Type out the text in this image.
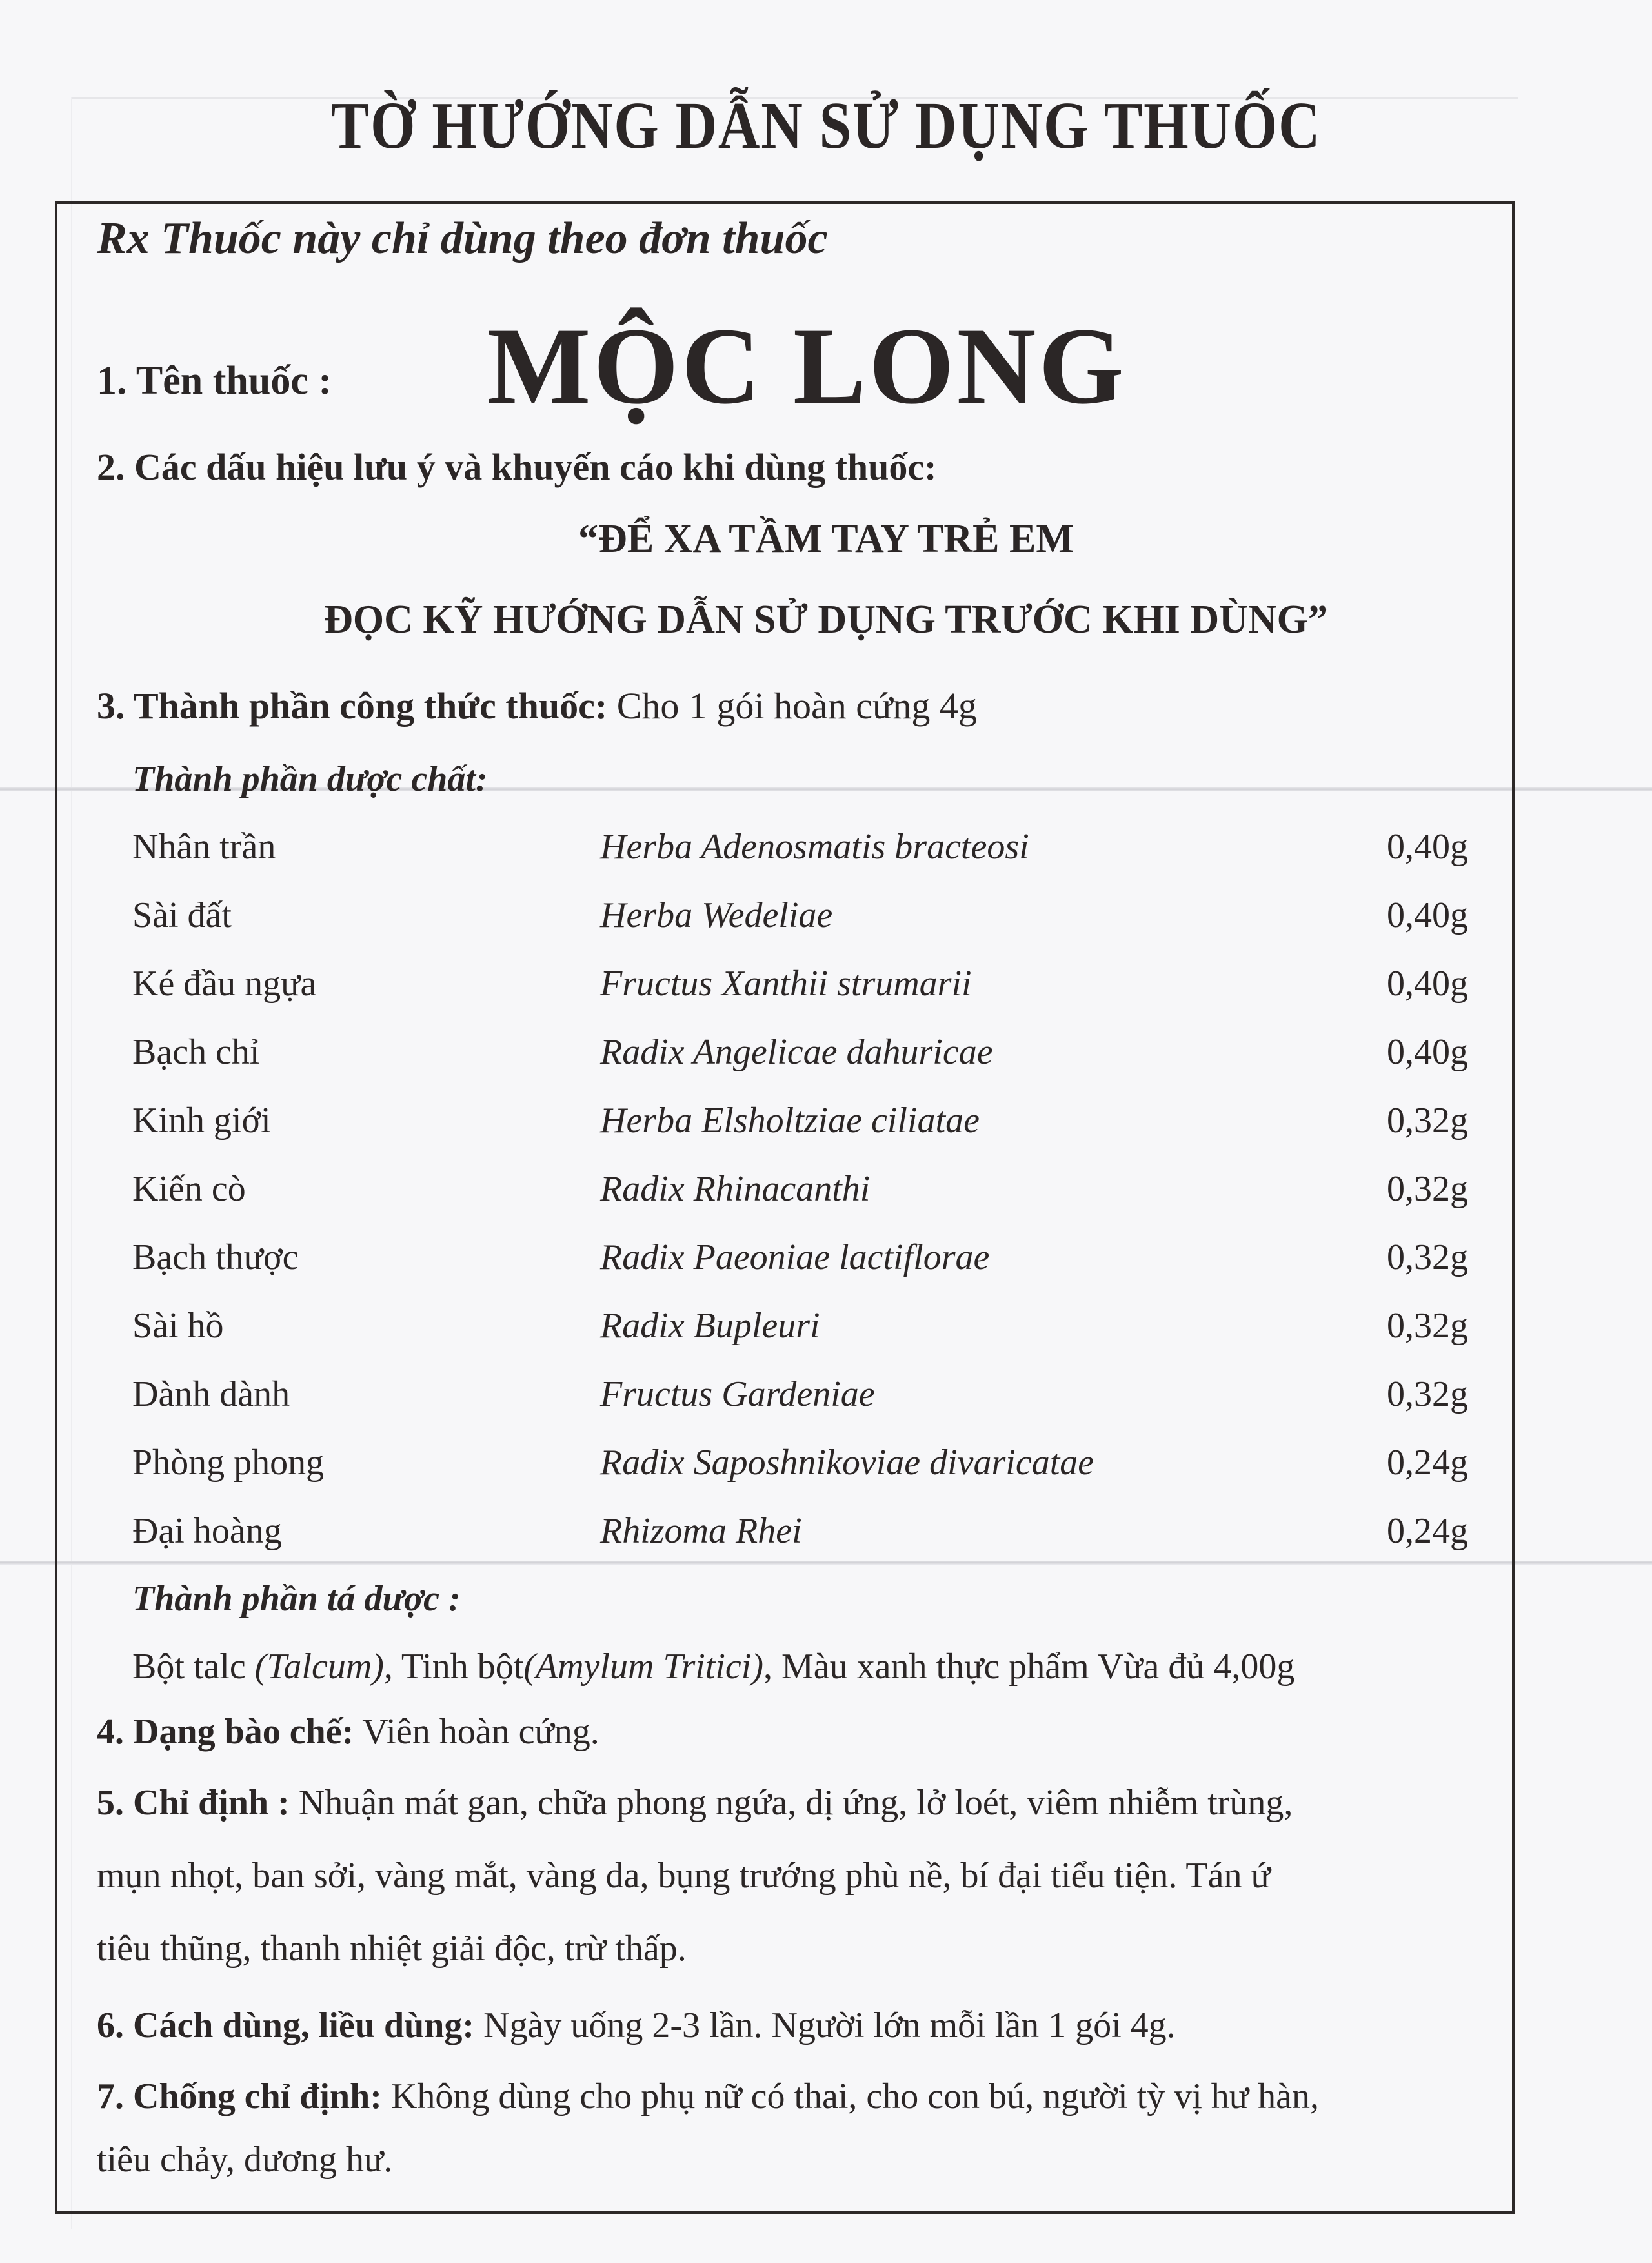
TỜ HƯỚNG DẪN SỬ DỤNG THUỐC
Rx Thuốc này chỉ dùng theo đơn thuốc
1. Tên thuốc : MỘC LONG
2. Các dấu hiệu lưu ý và khuyến cáo khi dùng thuốc:
“ĐỂ XA TẦM TAY TRẺ EM
ĐỌC KỸ HƯỚNG DẪN SỬ DỤNG TRƯỚC KHI DÙNG”
3. Thành phần công thức thuốc: Cho 1 gói hoàn cứng 4g
Thành phần dược chất:
Nhân trần	Herba Adenosmatis bracteosi	0,40g
Sài đất	Herba Wedeliae	0,40g
Ké đầu ngựa	Fructus Xanthii strumarii	0,40g
Bạch chỉ	Radix Angelicae dahuricae	0,40g
Kinh giới	Herba Elsholtziae ciliatae	0,32g
Kiến cò	Radix Rhinacanthi	0,32g
Bạch thược	Radix Paeoniae lactiflorae	0,32g
Sài hồ	Radix Bupleuri	0,32g
Dành dành	Fructus Gardeniae	0,32g
Phòng phong	Radix Saposhnikoviae divaricatae	0,24g
Đại hoàng	Rhizoma Rhei	0,24g
Thành phần tá dược :
Bột talc (Talcum), Tinh bột(Amylum Tritici), Màu xanh thực phẩm Vừa đủ 4,00g
4. Dạng bào chế: Viên hoàn cứng.
5. Chỉ định : Nhuận mát gan, chữa phong ngứa, dị ứng, lở loét, viêm nhiễm trùng,
mụn nhọt, ban sởi, vàng mắt, vàng da, bụng trướng phù nề, bí đại tiểu tiện. Tán ứ
tiêu thũng, thanh nhiệt giải độc, trừ thấp.
6. Cách dùng, liều dùng: Ngày uống 2-3 lần. Người lớn mỗi lần 1 gói 4g.
7. Chống chỉ định: Không dùng cho phụ nữ có thai, cho con bú, người tỳ vị hư hàn,
tiêu chảy, dương hư.
